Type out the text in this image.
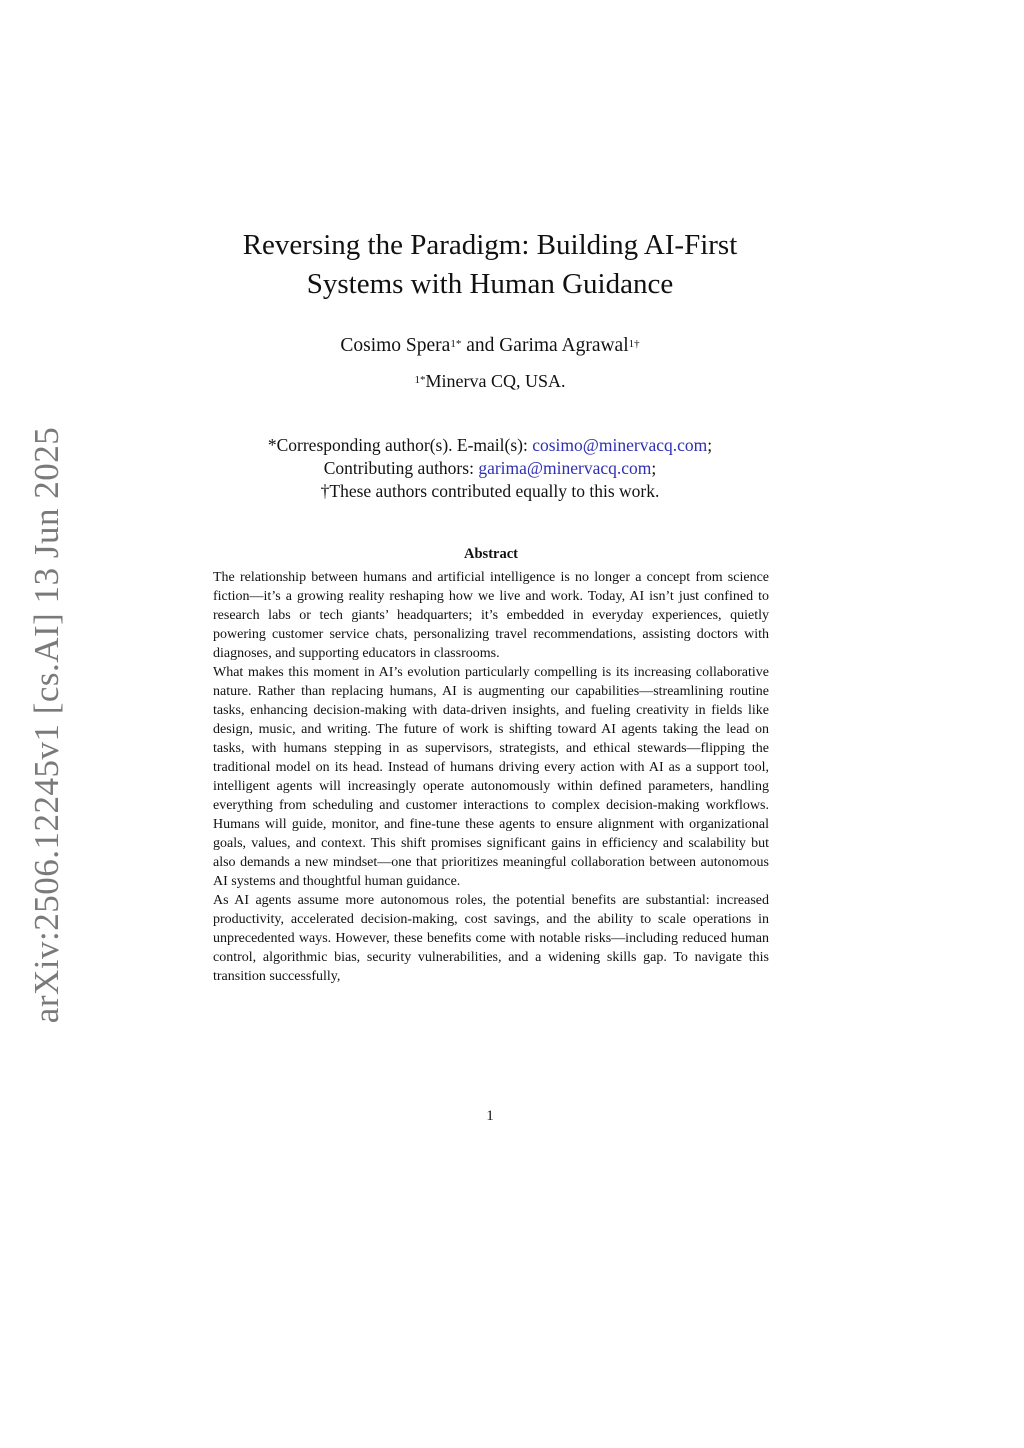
arXiv:2506.12245v1 [cs.AI] 13 Jun 2025
Reversing the Paradigm: Building AI-First
Systems with Human Guidance
Cosimo Spera$^{1*}$ and Garima Agrawal$^{1\dagger}$
$^{1*}$Minerva CQ, USA.
*Corresponding author(s). E-mail(s): cosimo@minervacq.com;
Contributing authors: garima@minervacq.com;
†These authors contributed equally to this work.
Abstract

The relationship between humans and artificial intelligence is no longer a concept from science fiction—it’s a growing reality reshaping how we live and work. Today, AI isn’t just confined to research labs or tech giants’ headquarters; it’s embedded in everyday experiences, quietly powering customer service chats, personalizing travel recommendations, assisting doctors with diagnoses, and supporting educators in classrooms.

What makes this moment in AI’s evolution particularly compelling is its increasing collaborative nature. Rather than replacing humans, AI is augmenting our capabilities—streamlining routine tasks, enhancing decision-making with data-driven insights, and fueling creativity in fields like design, music, and writing. The future of work is shifting toward AI agents taking the lead on tasks, with humans stepping in as supervisors, strategists, and ethical stewards—flipping the traditional model on its head. Instead of humans driving every action with AI as a support tool, intelligent agents will increasingly operate autonomously within defined parameters, handling everything from scheduling and customer interactions to complex decision-making workflows. Humans will guide, monitor, and fine-tune these agents to ensure alignment with organizational goals, values, and context. This shift promises significant gains in efficiency and scalability but also demands a new mindset—one that prioritizes meaningful collaboration between autonomous AI systems and thoughtful human guidance.

As AI agents assume more autonomous roles, the potential benefits are substantial: increased productivity, accelerated decision-making, cost savings, and the ability to scale operations in unprecedented ways. However, these benefits come with notable risks—including reduced human control, algorithmic bias, security vulnerabilities, and a widening skills gap. To navigate this transition successfully,

1
